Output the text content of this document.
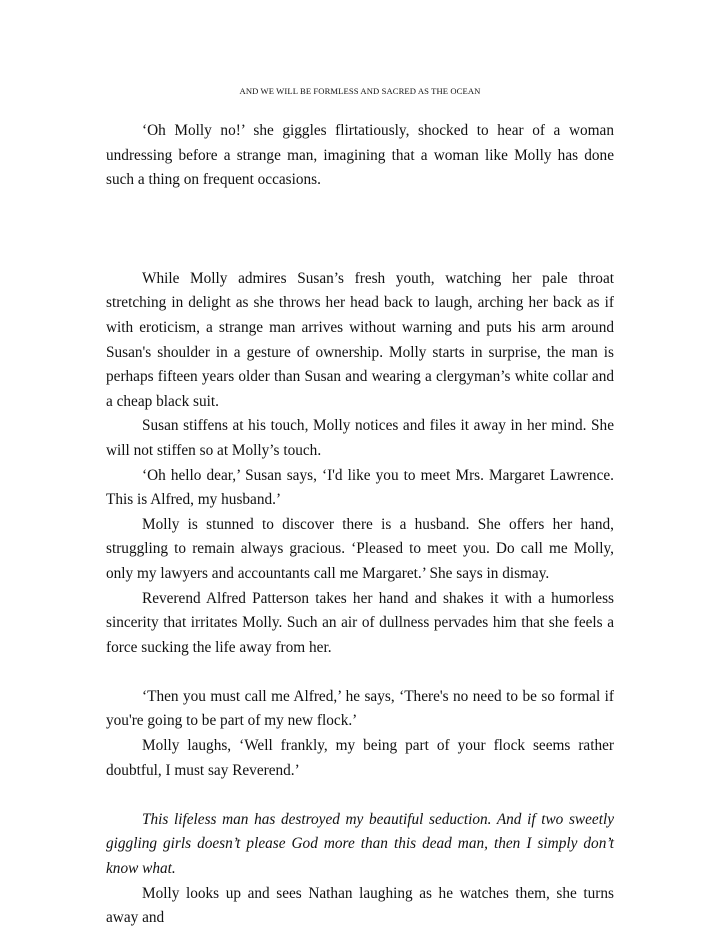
AND WE WILL BE FORMLESS AND SACRED AS THE OCEAN

‘Oh Molly no!’ she giggles flirtatiously, shocked to hear of a woman undressing before a strange man, imagining that a woman like Molly has done such a thing on frequent occasions.

While Molly admires Susan’s fresh youth, watching her pale throat stretching in delight as she throws her head back to laugh, arching her back as if with eroticism, a strange man arrives without warning and puts his arm around Susan's shoulder in a gesture of ownership. Molly starts in surprise, the man is perhaps fifteen years older than Susan and wearing a clergyman’s white collar and a cheap black suit.

Susan stiffens at his touch, Molly notices and files it away in her mind. She will not stiffen so at Molly’s touch.

‘Oh hello dear,’ Susan says, ‘I'd like you to meet Mrs. Margaret Lawrence. This is Alfred, my husband.’

Molly is stunned to discover there is a husband. She offers her hand, struggling to remain always gracious. ‘Pleased to meet you. Do call me Molly, only my lawyers and accountants call me Margaret.’ She says in dismay.

Reverend Alfred Patterson takes her hand and shakes it with a humorless sincerity that irritates Molly. Such an air of dullness pervades him that she feels a force sucking the life away from her.

‘Then you must call me Alfred,’ he says, ‘There's no need to be so formal if you're going to be part of my new flock.’

Molly laughs, ‘Well frankly, my being part of your flock seems rather doubtful, I must say Reverend.’

This lifeless man has destroyed my beautiful seduction. And if two sweetly giggling girls doesn’t please God more than this dead man, then I simply don’t know what.

Molly looks up and sees Nathan laughing as he watches them, she turns away and
